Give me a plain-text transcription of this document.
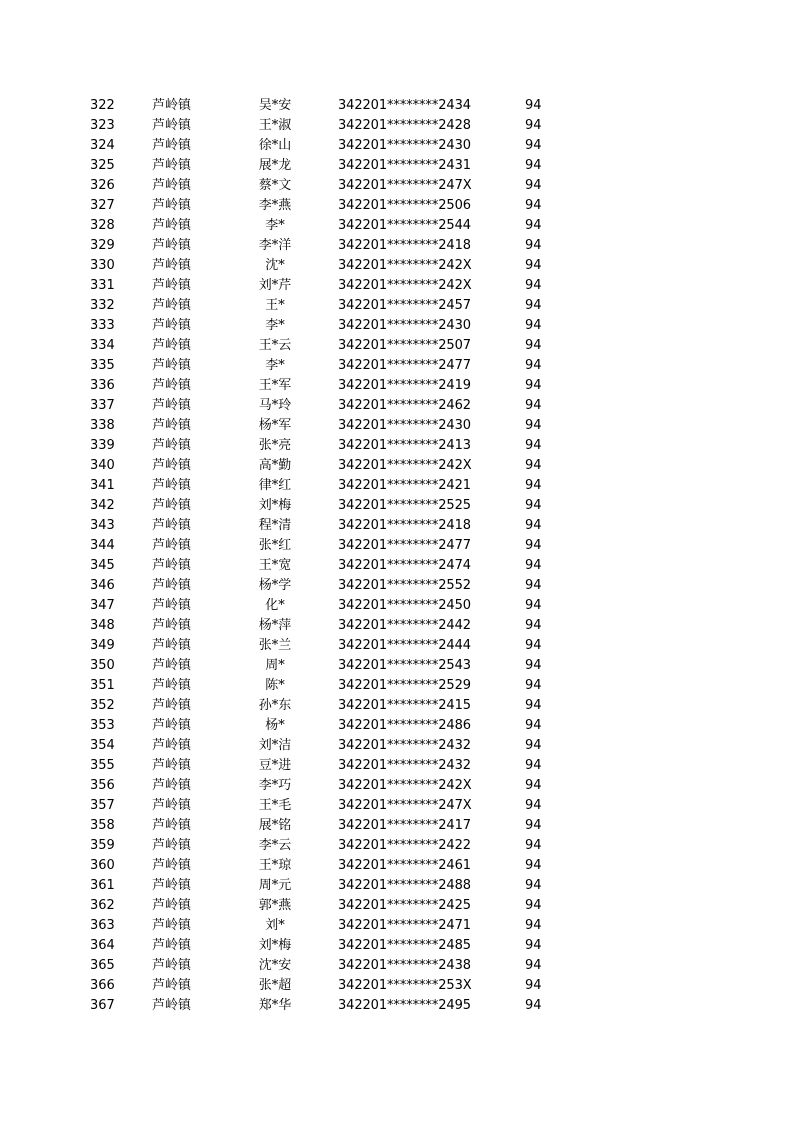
322	芦岭镇	吴*安	342201********2434	94
323	芦岭镇	王*淑	342201********2428	94
324	芦岭镇	徐*山	342201********2430	94
325	芦岭镇	展*龙	342201********2431	94
326	芦岭镇	蔡*文	342201********247X	94
327	芦岭镇	李*燕	342201********2506	94
328	芦岭镇	李*	342201********2544	94
329	芦岭镇	李*洋	342201********2418	94
330	芦岭镇	沈*	342201********242X	94
331	芦岭镇	刘*芹	342201********242X	94
332	芦岭镇	王*	342201********2457	94
333	芦岭镇	李*	342201********2430	94
334	芦岭镇	王*云	342201********2507	94
335	芦岭镇	李*	342201********2477	94
336	芦岭镇	王*军	342201********2419	94
337	芦岭镇	马*玲	342201********2462	94
338	芦岭镇	杨*军	342201********2430	94
339	芦岭镇	张*亮	342201********2413	94
340	芦岭镇	高*勤	342201********242X	94
341	芦岭镇	律*红	342201********2421	94
342	芦岭镇	刘*梅	342201********2525	94
343	芦岭镇	程*清	342201********2418	94
344	芦岭镇	张*红	342201********2477	94
345	芦岭镇	王*宽	342201********2474	94
346	芦岭镇	杨*学	342201********2552	94
347	芦岭镇	化*	342201********2450	94
348	芦岭镇	杨*萍	342201********2442	94
349	芦岭镇	张*兰	342201********2444	94
350	芦岭镇	周*	342201********2543	94
351	芦岭镇	陈*	342201********2529	94
352	芦岭镇	孙*东	342201********2415	94
353	芦岭镇	杨*	342201********2486	94
354	芦岭镇	刘*洁	342201********2432	94
355	芦岭镇	豆*进	342201********2432	94
356	芦岭镇	李*巧	342201********242X	94
357	芦岭镇	王*毛	342201********247X	94
358	芦岭镇	展*铭	342201********2417	94
359	芦岭镇	李*云	342201********2422	94
360	芦岭镇	王*琼	342201********2461	94
361	芦岭镇	周*元	342201********2488	94
362	芦岭镇	郭*燕	342201********2425	94
363	芦岭镇	刘*	342201********2471	94
364	芦岭镇	刘*梅	342201********2485	94
365	芦岭镇	沈*安	342201********2438	94
366	芦岭镇	张*超	342201********253X	94
367	芦岭镇	郑*华	342201********2495	94
